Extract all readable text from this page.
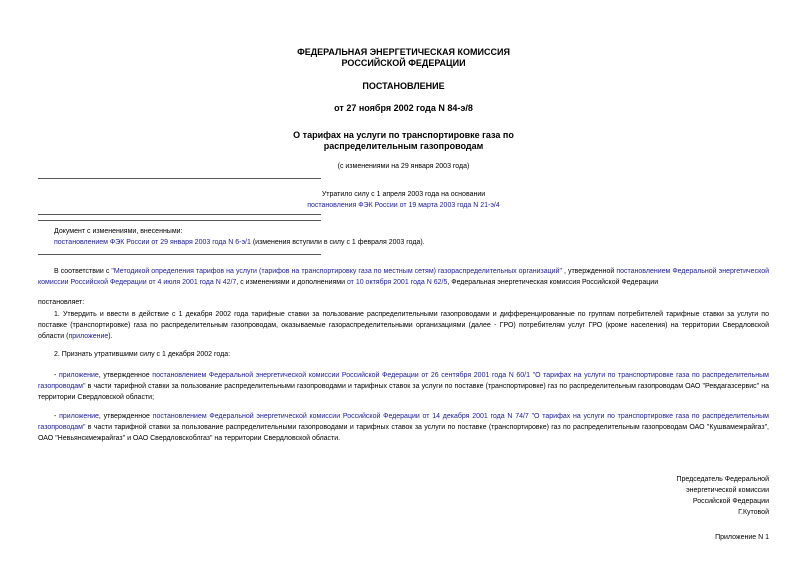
ФЕДЕРАЛЬНАЯ ЭНЕРГЕТИЧЕСКАЯ КОМИССИЯ
РОССИЙСКОЙ ФЕДЕРАЦИИ
ПОСТАНОВЛЕНИЕ
от 27 ноября 2002 года N 84-э/8
О тарифах на услуги по транспортировке газа по
распределительным газопроводам
(с изменениями на 29 января 2003 года)
Утратило силу с 1 апреля 2003 года на основании
постановления ФЭК России от 19 марта 2003 года N 21-э/4
Документ с изменениями, внесенными:
постановлением ФЭК России от 29 января 2003 года N 6-э/1 (изменения вступили в силу с 1 февраля 2003 года).
В соответствии с "Методикой определения тарифов на услуги (тарифов на транспортировку газа по местным сетям) газораспределительных организаций" , утвержденной постановлением Федеральной энергетической комиссии Российской Федерации от 4 июля 2001 года N 42/7, с изменениями и дополнениями от 10 октября 2001 года N 62/5, Федеральная энергетическая комиссия Российской Федерации
постановляет:
1. Утвердить и ввести в действие с 1 декабря 2002 года тарифные ставки за пользование распределительными газопроводами и дифференцированные по группам потребителей тарифные ставки за услуги по поставке (транспортировке) газа по распределительным газопроводам, оказываемые газораспределительными организациями (далее - ГРО) потребителям услуг ГРО (кроме населения) на территории Свердловской области (приложение).
2. Признать утратившими силу с 1 декабря 2002 года:
- приложение, утвержденное постановлением Федеральной энергетической комиссии Российской Федерации от 26 сентября 2001 года N 60/1 "О тарифах на услуги по транспортировке газа по распределительным газопроводам" в части тарифной ставки за пользование распределительными газопроводами и тарифных ставок за услуги по поставке (транспортировке) газ по распределительным газопроводам ОАО "Ревдагазсервис" на территории Свердловской области;
- приложение, утвержденное постановлением Федеральной энергетической комиссии Российской Федерации от 14 декабря 2001 года N 74/7 "О тарифах на услуги по транспортировке газа по распределительным газопроводам" в части тарифной ставки за пользование распределительными газопроводами и тарифных ставок за услуги по поставке (транспортировке) газ по распределительным газопроводам ОАО "Кушвамежрайгаз", ОАО "Невьянскмежрайгаз" и ОАО Свердловскоблгаз" на территории Свердловской области.
Председатель Федеральной
энергетической комиссии
Российской Федерации
Г.Кутовой
Приложение N 1
